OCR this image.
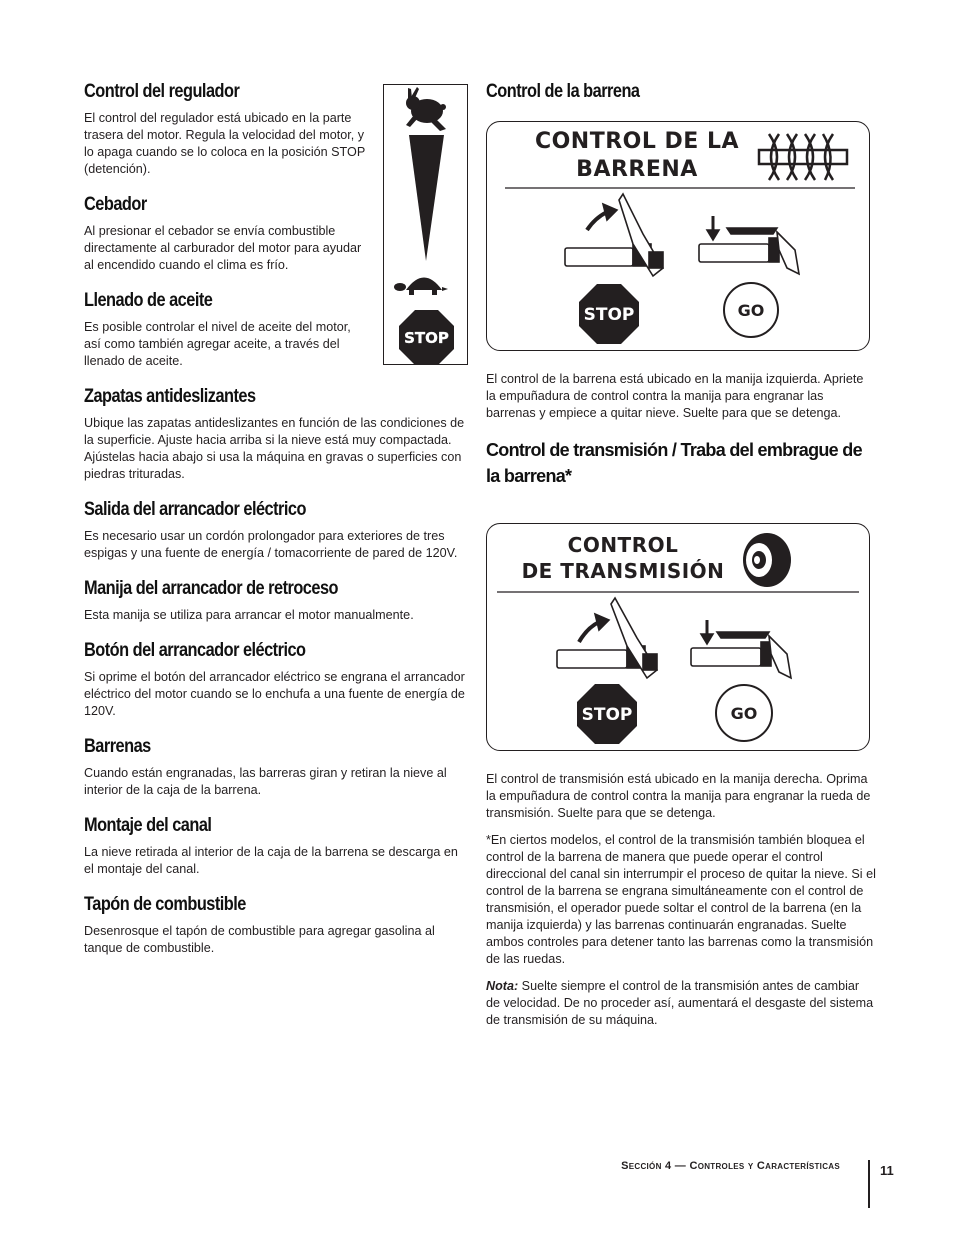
Control del regulador

El control del regulador está ubicado en la parte trasera del motor. Regula la velocidad del motor, y lo apaga cuando se lo coloca en la posición STOP (detención).

Cebador

Al presionar el cebador se envía combustible directamente al carburador del motor para ayudar al encendido cuando el clima es frío.

Llenado de aceite

Es posible controlar el nivel de aceite del motor, así como también agregar aceite, a través del llenado de aceite.

Zapatas antideslizantes

Ubique las zapatas antideslizantes en función de las condiciones de la superficie. Ajuste hacia arriba si la nieve está muy compactada. Ajústelas hacia abajo si usa la máquina en gravas o superficies con piedras trituradas.

Salida del arrancador eléctrico

Es necesario usar un cordón prolongador para exteriores de tres espigas y una fuente de energía / tomacorriente de pared de 120V.

Manija del arrancador de retroceso

Esta manija se utiliza para arrancar el motor manualmente.

Botón del arrancador eléctrico

Si oprime el botón del arrancador eléctrico se engrana el arrancador eléctrico del motor cuando se lo enchufa a una fuente de energía de 120V.

Barrenas

Cuando están engranadas, las barreras giran y retiran la nieve al interior de la caja de la barrena.

Montaje del canal

La nieve retirada al interior de la caja de la barrena se descarga en el montaje del canal.

Tapón de combustible

Desenrosque el tapón de combustible para agregar gasolina al tanque de combustible.

STOP
Control de la barrena

El control de la barrena está ubicado en la manija izquierda. Apriete la empuñadura de control contra la manija para engranar las barrenas y empiece a quitar nieve. Suelte para que se detenga.

Control de transmisión / Traba del embrague de la barrena*

El control de transmisión está ubicado en la manija derecha. Oprima la empuñadura de control contra la manija para engranar la rueda de transmisión. Suelte para que se detenga.

*En ciertos modelos, el control de la transmisión también bloquea el control de la barrena de manera que puede operar el control direccional del canal sin interrumpir el proceso de quitar la nieve. Si el control de la barrena se engrana simultáneamente con el control de transmisión, el operador puede soltar el control de la barrena (en la manija izquierda) y las barrenas continuarán engranadas. Suelte ambos controles para detener tanto las barrenas como la transmisión de las ruedas.

Nota: Suelte siempre el control de la transmisión antes de cambiar de velocidad. De no proceder así, aumentará el desgaste del sistema de transmisión de su máquina.

CONTROL DE LA
BARRENA
STOP	GO
CONTROL
DE TRANSMISIÓN
STOP	GO
Sección 4 — Controles y Características	11
